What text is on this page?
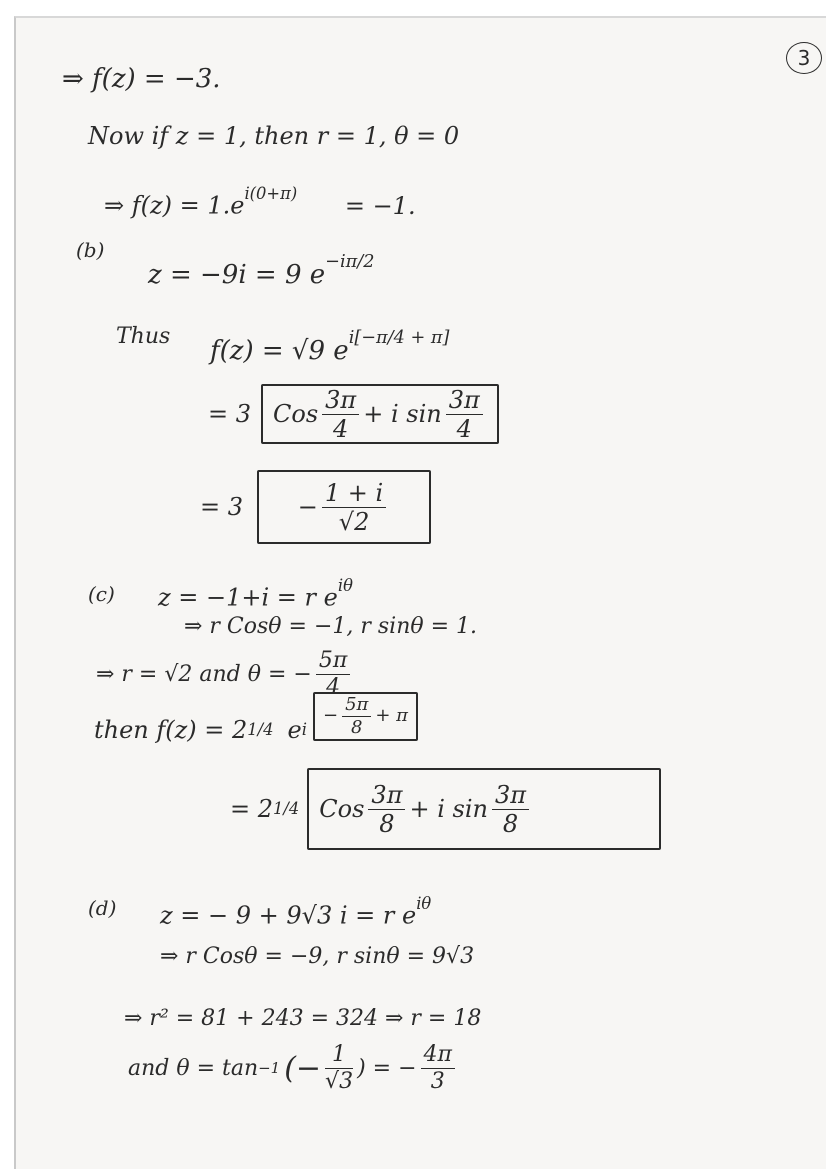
3
⇒ f(z) = −3.
Now if z = 1, then r = 1, θ = 0
⇒ $f(z) = 1.e^{i(0+\pi)} = -1$.
(b)
z = −9i = 9 $e^{-i\pi/2}$
Thus f(z) = √9 $e^{i[-\pi/4 + \pi]}$
= 3 Cos $\frac{3\pi}{4} + i$ $\sin \frac{3\pi}{4}$
= $3 - \frac{1 + i}{√2}$
(c) z = −1+i = r $e^{i\theta}$
⇒ r Cosθ = −1, r sinθ = 1.
⇒ r = √2 and θ = − $\frac{5\pi}{4}$
then f(z) = 2 1/4 e i
− $\frac{5\pi}{8} + \pi$
= 2 1/4 Cos $\frac{3\pi}{8} + i$ $\sin \frac{3\pi}{8}$
(d) z = − 9 + 9√3 i = r $e^{i\theta}$
⇒ r Cosθ = −9, r sinθ = 9√3
⇒ r² = 81 + 243 = 324 ⇒ r = 18
and θ = tan −1 (− $\frac{1}{√3}$ ) = − $\frac{4\pi}{3}$
